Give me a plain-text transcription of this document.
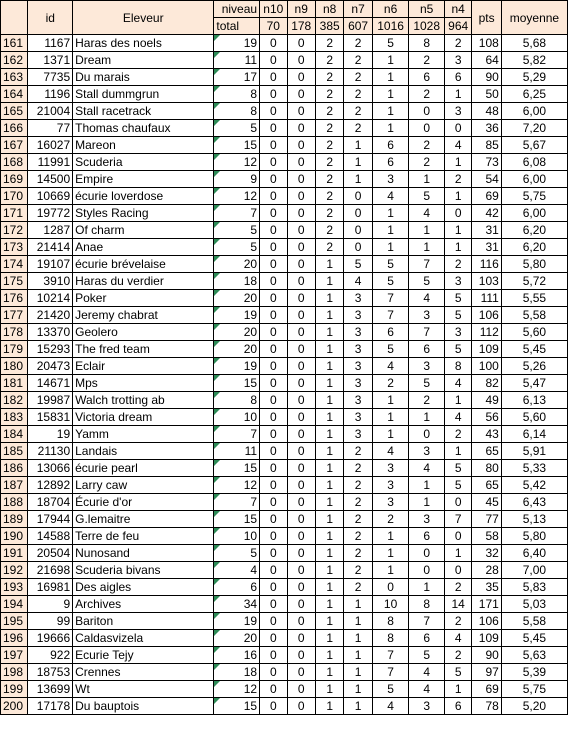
	id	Eleveur	niveau	n10	n9	n8	n7	n6	n5	n4	pts	moyenne
			total	70	178	385	607	1016	1028	964		
161	1167	Haras des noels	19	0	0	2	2	5	8	2	108	5,68
162	1371	Dream	11	0	0	2	2	1	2	3	64	5,82
163	7735	Du marais	17	0	0	2	2	1	6	6	90	5,29
164	1196	Stall dummgrun	8	0	0	2	2	1	2	1	50	6,25
165	21004	Stall racetrack	8	0	0	2	2	1	0	3	48	6,00
166	77	Thomas chaufaux	5	0	0	2	2	1	0	0	36	7,20
167	16027	Mareon	15	0	0	2	1	6	2	4	85	5,67
168	11991	Scuderia	12	0	0	2	1	6	2	1	73	6,08
169	14500	Empire	9	0	0	2	1	3	1	2	54	6,00
170	10669	écurie loverdose	12	0	0	2	0	4	5	1	69	5,75
171	19772	Styles Racing	7	0	0	2	0	1	4	0	42	6,00
172	1287	Of charm	5	0	0	2	0	1	1	1	31	6,20
173	21414	Anae	5	0	0	2	0	1	1	1	31	6,20
174	19107	écurie brévelaise	20	0	0	1	5	5	7	2	116	5,80
175	3910	Haras du verdier	18	0	0	1	4	5	5	3	103	5,72
176	10214	Poker	20	0	0	1	3	7	4	5	111	5,55
177	21420	Jeremy chabrat	19	0	0	1	3	7	3	5	106	5,58
178	13370	Geolero	20	0	0	1	3	6	7	3	112	5,60
179	15293	The fred team	20	0	0	1	3	5	6	5	109	5,45
180	20473	Eclair	19	0	0	1	3	4	3	8	100	5,26
181	14671	Mps	15	0	0	1	3	2	5	4	82	5,47
182	19987	Walch trotting ab	8	0	0	1	3	1	2	1	49	6,13
183	15831	Victoria dream	10	0	0	1	3	1	1	4	56	5,60
184	19	Yamm	7	0	0	1	3	1	0	2	43	6,14
185	21130	Landais	11	0	0	1	2	4	3	1	65	5,91
186	13066	écurie pearl	15	0	0	1	2	3	4	5	80	5,33
187	12892	Larry caw	12	0	0	1	2	3	1	5	65	5,42
188	18704	Écurie d'or	7	0	0	1	2	3	1	0	45	6,43
189	17944	G.lemaitre	15	0	0	1	2	2	3	7	77	5,13
190	14588	Terre de feu	10	0	0	1	2	1	6	0	58	5,80
191	20504	Nunosand	5	0	0	1	2	1	0	1	32	6,40
192	21698	Scuderia bivans	4	0	0	1	2	1	0	0	28	7,00
193	16981	Des aigles	6	0	0	1	2	0	1	2	35	5,83
194	9	Archives	34	0	0	1	1	10	8	14	171	5,03
195	99	Bariton	19	0	0	1	1	8	7	2	106	5,58
196	19666	Caldasvizela	20	0	0	1	1	8	6	4	109	5,45
197	922	Ecurie Tejy	16	0	0	1	1	7	5	2	90	5,63
198	18753	Crennes	18	0	0	1	1	7	4	5	97	5,39
199	13699	Wt	12	0	0	1	1	5	4	1	69	5,75
200	17178	Du bauptois	15	0	0	1	1	4	3	6	78	5,20
